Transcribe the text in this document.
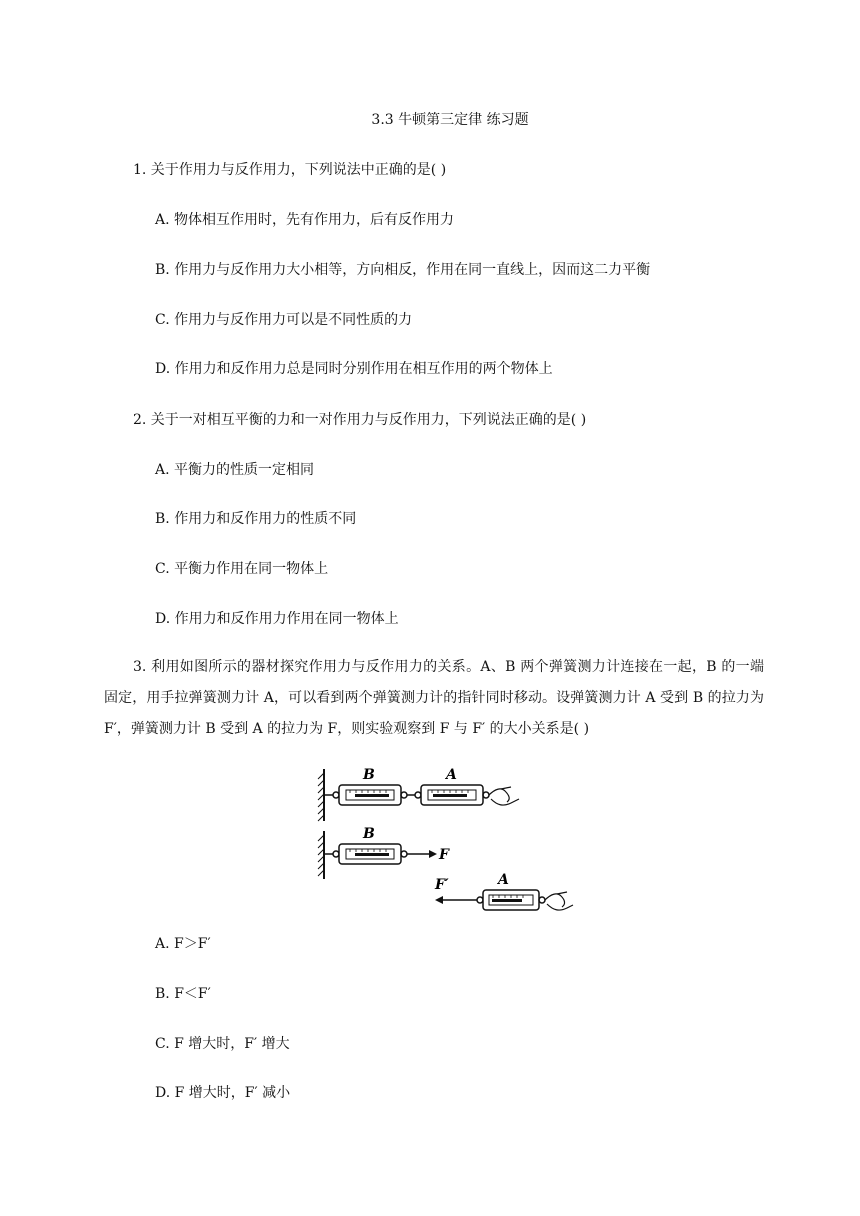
3.3 牛顿第三定律 练习题
1. 关于作用力与反作用力，下列说法中正确的是( )
A. 物体相互作用时，先有作用力，后有反作用力
B. 作用力与反作用力大小相等，方向相反，作用在同一直线上，因而这二力平衡
C. 作用力与反作用力可以是不同性质的力
D. 作用力和反作用力总是同时分别作用在相互作用的两个物体上
2. 关于一对相互平衡的力和一对作用力与反作用力，下列说法正确的是( )
A. 平衡力的性质一定相同
B. 作用力和反作用力的性质不同
C. 平衡力作用在同一物体上
D. 作用力和反作用力作用在同一物体上
3. 利用如图所示的器材探究作用力与反作用力的关系。A、B 两个弹簧测力计连接在一起，B 的一端固定，用手拉弹簧测力计 A，可以看到两个弹簧测力计的指针同时移动。设弹簧测力计 A 受到 B 的拉力为 F′，弹簧测力计 B 受到 A 的拉力为 F，则实验观察到 F 与 F′ 的大小关系是( )
B	A
B
F
F′	A
A. F＞F′
B. F＜F′
C. F 增大时，F′ 增大
D. F 增大时，F′ 减小
